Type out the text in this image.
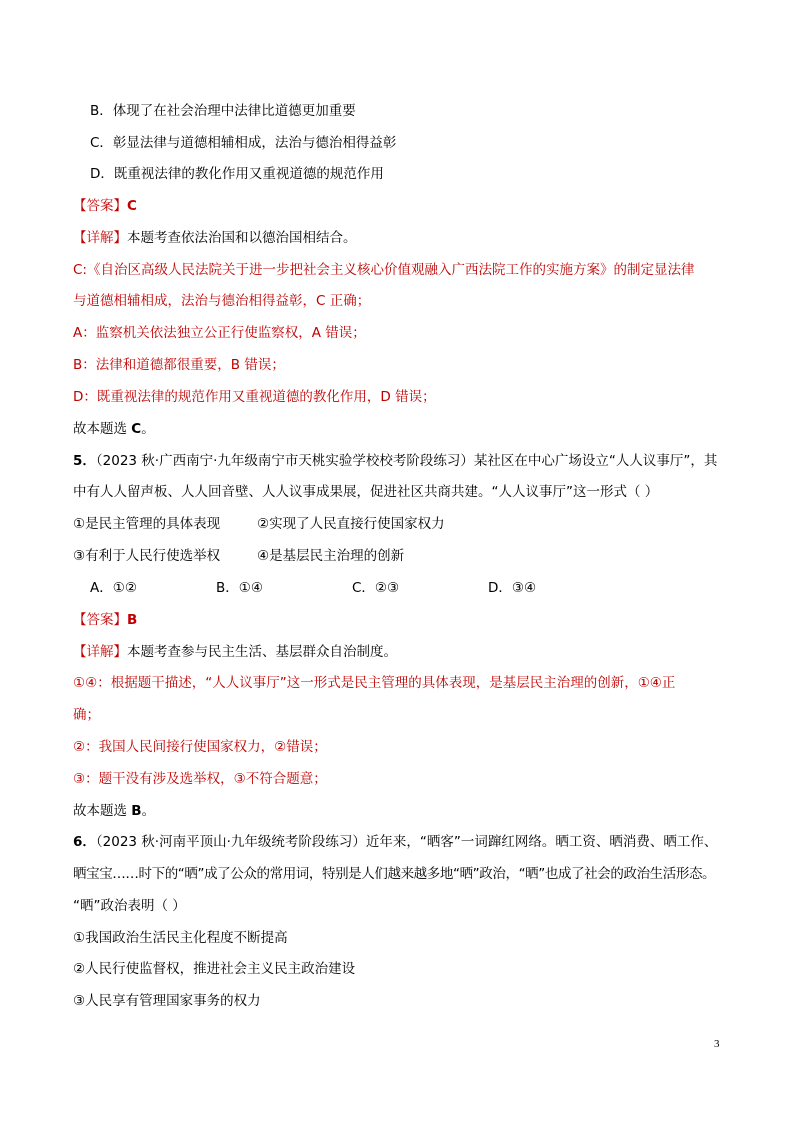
B．体现了在社会治理中法律比道德更加重要
C．彰显法律与道德相辅相成，法治与德治相得益彰
D．既重视法律的教化作用又重视道德的规范作用
【答案】C
【详解】本题考查依法治国和以德治国相结合。
C:《自治区高级人民法院关于进一步把社会主义核心价值观融入广西法院工作的实施方案》的制定显法律
与道德相辅相成，法治与德治相得益彰，C 正确；
A：监察机关依法独立公正行使监察权，A 错误；
B：法律和道德都很重要，B 错误；
D：既重视法律的规范作用又重视道德的教化作用，D 错误；
故本题选 C。
5．（2023 秋·广西南宁·九年级南宁市天桃实验学校校考阶段练习）某社区在中心广场设立“人人议事厅”，其
中有人人留声板、人人回音壁、人人议事成果展，促进社区共商共建。“人人议事厅”这一形式（ ）
①是民主管理的具体表现	②实现了人民直接行使国家权力
③有利于人民行使选举权	④是基层民主治理的创新
A．①②	B．①④	C．②③	D．③④
【答案】B
【详解】本题考查参与民主生活、基层群众自治制度。
①④：根据题干描述，“人人议事厅”这一形式是民主管理的具体表现，是基层民主治理的创新，①④正
确；
②：我国人民间接行使国家权力，②错误；
③：题干没有涉及选举权，③不符合题意；
故本题选 B。
6．（2023 秋·河南平顶山·九年级统考阶段练习）近年来，“晒客”一词蹿红网络。晒工资、晒消费、晒工作、
晒宝宝……时下的“晒”成了公众的常用词，特别是人们越来越多地“晒”政治，“晒”也成了社会的政治生活形态。
“晒”政治表明（ ）
①我国政治生活民主化程度不断提高
②人民行使监督权，推进社会主义民主政治建设
③人民享有管理国家事务的权力
3
